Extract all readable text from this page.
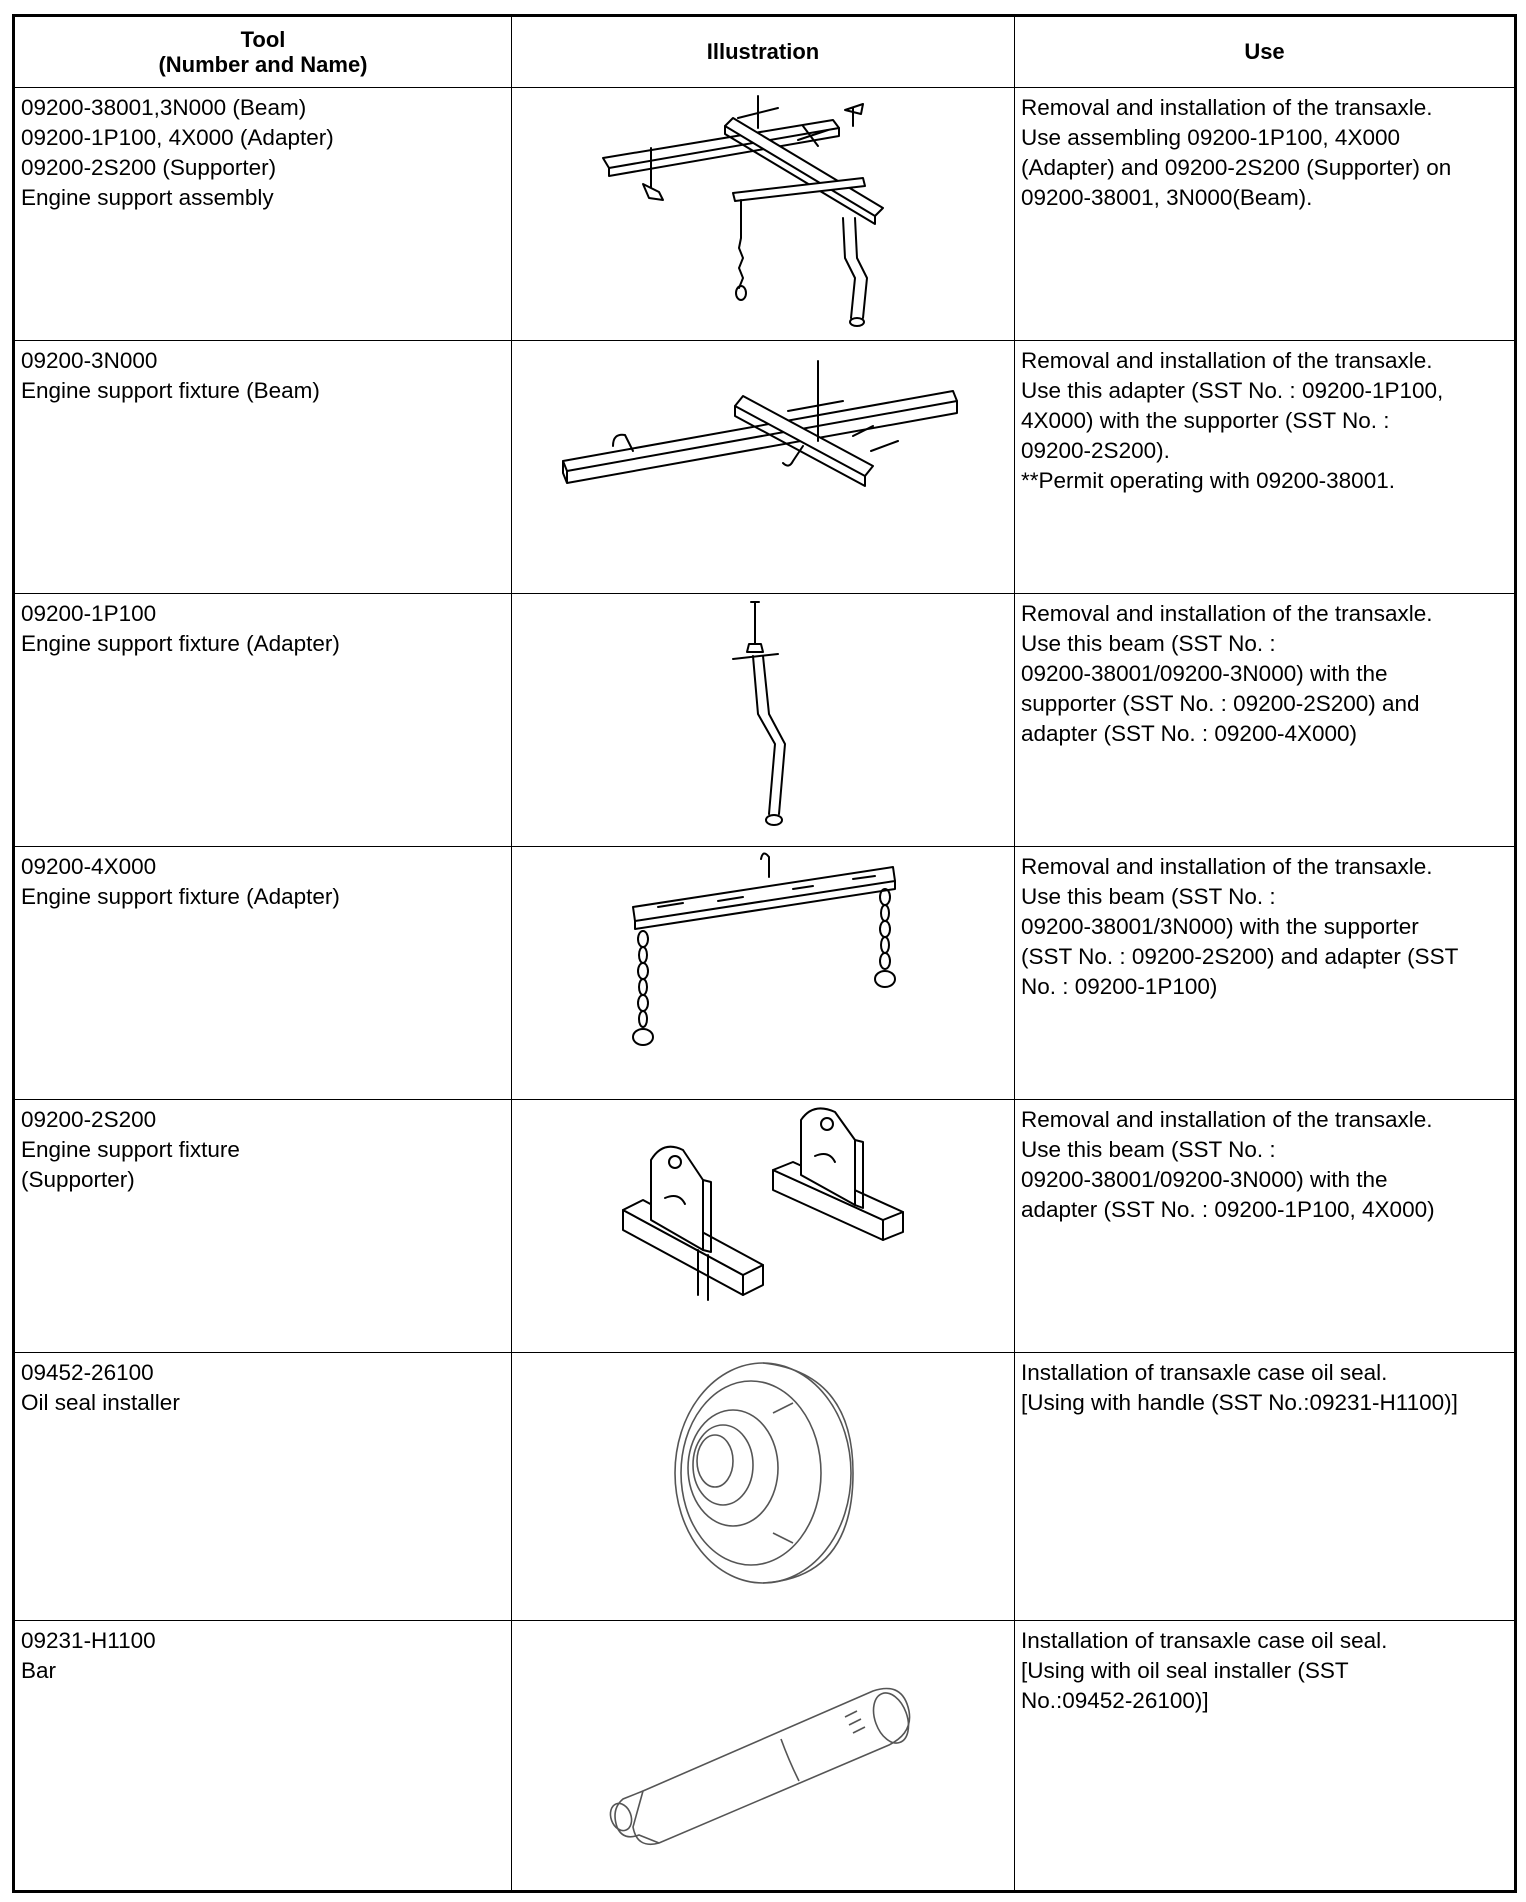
Tool
(Number and Name)	Illustration	Use

09200-38001,3N000 (Beam)
09200-1P100, 4X000 (Adapter)
09200-2S200 (Supporter)
Engine support assembly		Removal and installation of the transaxle.
Use assembling 09200-1P100, 4X000
(Adapter) and 09200-2S200 (Supporter) on
09200-38001, 3N000(Beam).

09200-3N000
Engine support fixture (Beam)		Removal and installation of the transaxle.
Use this adapter (SST No. : 09200-1P100,
4X000) with the supporter (SST No. :
09200-2S200).
**Permit operating with 09200-38001.

09200-1P100
Engine support fixture (Adapter)		Removal and installation of the transaxle.
Use this beam (SST No. :
09200-38001/09200-3N000) with the
supporter (SST No. : 09200-2S200) and
adapter (SST No. : 09200-4X000)

09200-4X000
Engine support fixture (Adapter)		Removal and installation of the transaxle.
Use this beam (SST No. :
09200-38001/3N000) with the supporter
(SST No. : 09200-2S200) and adapter (SST
No. : 09200-1P100)

09200-2S200
Engine support fixture
(Supporter)		Removal and installation of the transaxle.
Use this beam (SST No. :
09200-38001/09200-3N000) with the
adapter (SST No. : 09200-1P100, 4X000)

09452-26100
Oil seal installer		Installation of transaxle case oil seal.
[Using with handle (SST No.:09231-H1100)]

09231-H1100
Bar		Installation of transaxle case oil seal.
[Using with oil seal installer (SST
No.:09452-26100)]
